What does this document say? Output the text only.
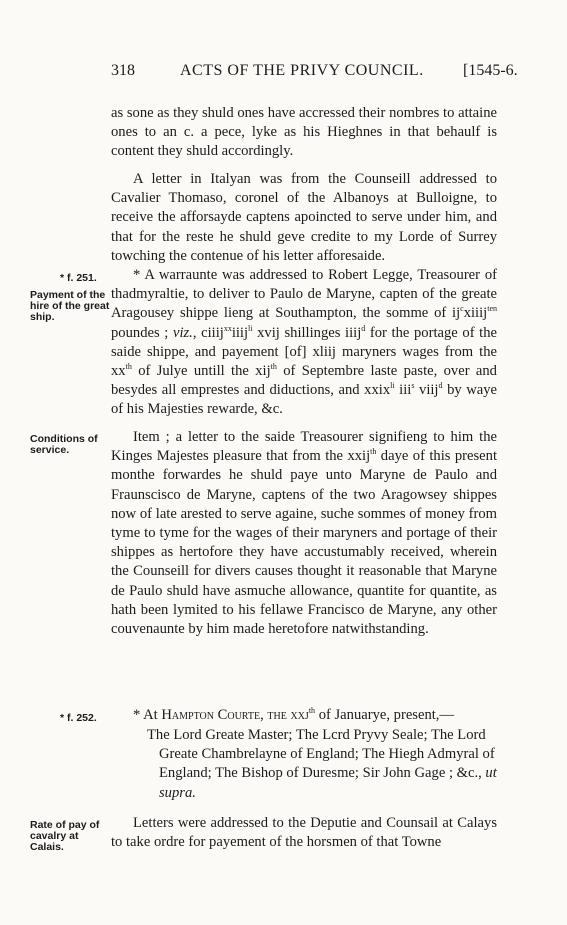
318	ACTS OF THE PRIVY COUNCIL. [1545-6.

as sone as they shuld ones have accressed their nombres to attaine ones to an c. a pece, lyke as his Hieghnes in that behaulf is content they shuld accordingly.

A letter in Italyan was from the Counseill addressed to Cavalier Thomaso, coronel of the Albanoys at Bulloigne, to receive the afforsayde captens apoincted to serve under him, and that for the reste he shuld geve credite to my Lorde of Surrey towching the contenue of his letter afforesaide.

* f. 251.
Payment of the hire of the great ship.

* A warraunte was addressed to Robert Legge, Treasourer of thadmyraltie, to deliver to Paulo de Maryne, capten of the greate Aragousey shippe lieng at Southampton, the somme of $ij^cxiiij^{ten}$ poundes ; viz., ciiij$^{xx}$iiij$^{li}$ xvij shillinges iiij$^d$ for the portage of the saide shippe, and payement [of] xliij maryners wages from the $xx^{th}$ of Julye untill the xij$^{th}$ of Septembre laste paste, over and besydes all emprestes and diductions, and xxix$^{li}$ iii$^s$ viij$^d$ by waye of his Majesties rewarde, &c.

Conditions of service.

Item ; a letter to the saide Treasourer signifieng to him the Kinges Majestes pleasure that from the xxij$^{th}$ daye of this present monthe forwardes he shuld paye unto Maryne de Paulo and Fraunscisco de Maryne, captens of the two Aragowsey shippes now of late arested to serve againe, suche sommes of money from tyme to tyme for the wages of their maryners and portage of their shippes as hertofore they have accustumably received, wherein the Counseill for divers causes thought it reasonable that Maryne de Paulo shuld have asmuche allowance, quantite for quantite, as hath been lymited to his fellawe Francisco de Maryne, any other couvenaunte by him made heretofore natwithstanding.

* f. 252. * At Hampton Courte, the xxj$^{th}$ of Januarye, present,—

The Lord Greate Master; The Lcrd Pryvy Seale; The Lord Greate Chambrelayne of England; The Hiegh Admyral of England; The Bishop of Duresme; Sir John Gage ; &c., ut supra.

Rate of pay of cavalry at Calais.

Letters were addressed to the Deputie and Counsail at Calays to take ordre for payement of the horsmen of that Towne
